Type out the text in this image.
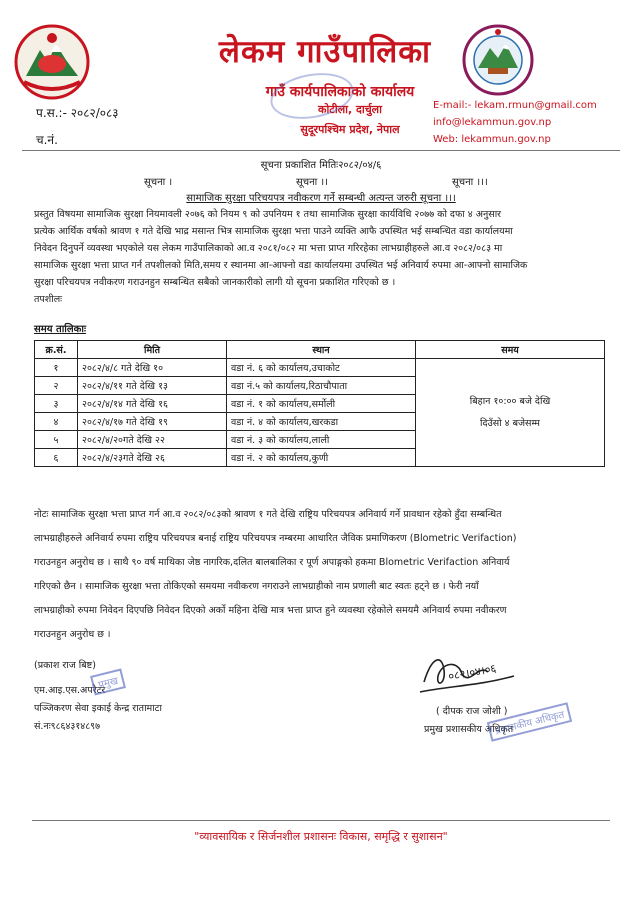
लेकम गाउँपालिका
गाउँ कार्यपालिकाको कार्यालय
कोटीला, दार्चुला
सुदूरपश्चिम प्रदेश, नेपाल
E-mail:- lekam.rmun@gmail.com
info@lekammun.gov.np
Web: lekammun.gov.np
प.स.:- २०८२/०८३
च.नं.
सूचना प्रकाशित मितिः२०८२/०४/६
सूचना ।	सूचना ।।	सूचना ।।।
सामाजिक सुरक्षा परिचयपत्र नवीकरण गर्ने सम्बन्धी अत्यन्त जरुरी सूचना ।।।
प्रस्तुत विषयमा सामाजिक सुरक्षा नियमावली २०७६ को नियम ९ को उपनियम १ तथा सामाजिक सुरक्षा कार्यविधि २०७७ को दफा ४ अनुसार
प्रत्येक आर्थिक वर्षको श्रावण १ गते देखि भाद्र मसान्त भित्र सामाजिक सुरक्षा भत्ता पाउने व्यक्ति आफै उपस्थित भई सम्बन्धित वडा कार्यालयमा
निवेदन दिनुपर्ने व्यवस्था भएकोले यस लेकम गाउँपालिकाको आ.व २०८१/०८२ मा भत्ता प्राप्त गरिरहेका लाभग्राहीहरुले आ.व २०८२/०८३ मा
सामाजिक सुरक्षा भत्ता प्राप्त गर्न तपशीलको मिति,समय र स्थानमा आ-आफ्नो वडा कार्यालयमा उपस्थित भई अनिवार्य रुपमा आ-आफ्नो सामाजिक
सुरक्षा परिचयपत्र नवीकरण गराउनहुन सम्बन्धित सबैको जानकारीको लागी यो सूचना प्रकाशित गरिएको छ ।
तपशीलः
समय तालिकाः
क्र.सं.	मिति	स्थान	समय
१	२०८२/४/८ गते देखि १०	वडा नं. ६ को कार्यालय,उचाकोट	बिहान १०:०० बजे देखि
दिउँसो ४ बजेसम्म

२	२०८२/४/११ गते देखि १३	वडा नं.५ को कार्यालय,रिठाचौपाता	
३	२०८२/४/१४ गते देखि १६	वडा नं. १ को कार्यालय,सर्मोली	
४	२०८२/४/१७ गते देखि १९	वडा नं. ४ को कार्यालय,खरकडा	
५	२०८२/४/२०गते देखि २२	वडा नं. ३ को कार्यालय,लाली	
६	२०८२/४/२३गते देखि २६	वडा नं. २ को कार्यालय,कुणी	
नोटः सामाजिक सुरक्षा भत्ता प्राप्त गर्न आ.व २०८२/०८३को श्रावण १ गते देखि राष्ट्रिय परिचयपत्र अनिवार्य गर्ने प्रावधान रहेको हुँदा सम्बन्धित
लाभग्राहीहरुले अनिवार्य रुपमा राष्ट्रिय परिचयपत्र बनाई राष्ट्रिय परिचयपत्र नम्बरमा आधारित जैविक प्रमाणिकरण (Blometric Verifaction)
गराउनहुन अनुरोध छ । साथै ९० वर्ष माथिका जेष्ठ नागरिक,दलित बालबालिका र पूर्ण अपाङ्गको हकमा Blometric Verifaction अनिवार्य
गरिएको छैन । सामाजिक सुरक्षा भत्ता तोकिएको समयमा नवीकरण नगराउने लाभग्राहीको नाम प्रणाली बाट स्वतः हट्ने छ । फेरी नयाँ
लाभग्राहीको रुपमा निवेदन दिएपछि निवेदन दिएको अर्को महिना देखि मात्र भत्ता प्राप्त हुने व्यवस्था रहेकोले समयमै अनिवार्य रुपमा नवीकरण
गराउनहुन अनुरोध छ ।
(प्रकाश राज बिष्ट)
एम.आइ.एस.अपरेटर
पञ्जिकरण सेवा इकाई केन्द्र रातामाटा
सं.नः९८६४३१४८९७
प्रमुख
०८२।०४।०६
( दीपक राज जोशी )
प्रमुख प्रशासकीय अधिकृत
प्रशासकीय अधिकृत
"व्यावसायिक र सिर्जनशील प्रशासनः विकास, समृद्धि र सुशासन"
